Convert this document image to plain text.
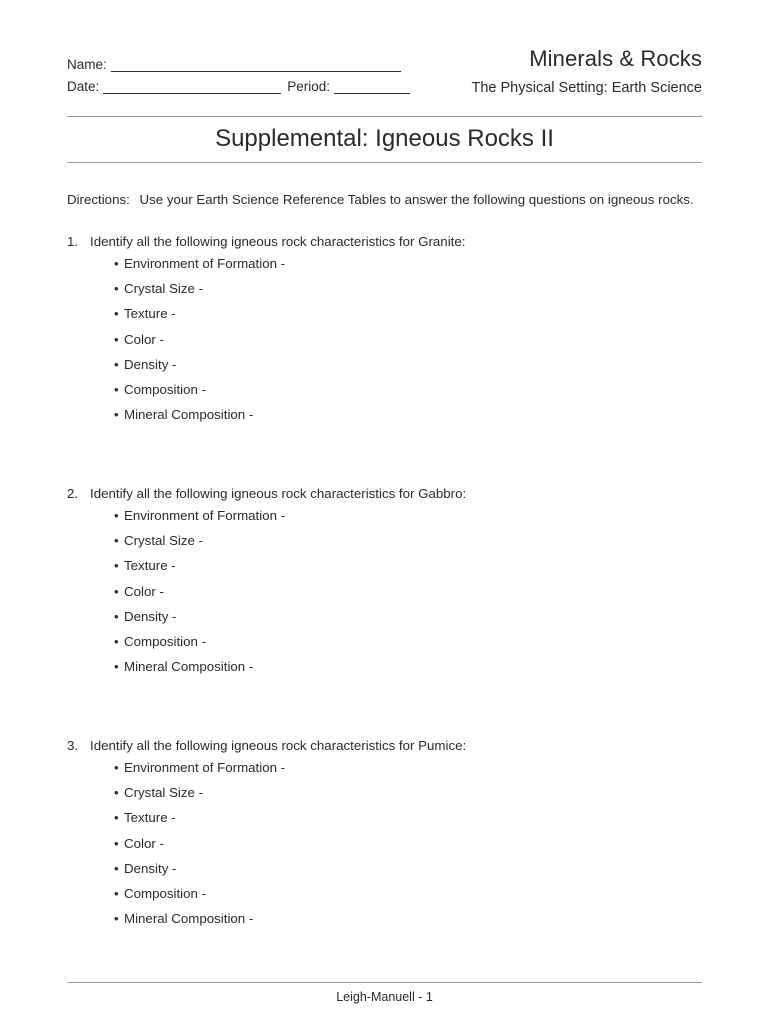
Name:
Date:	Period:
Minerals & Rocks
The Physical Setting: Earth Science
Supplemental: Igneous Rocks II
Directions: Use your Earth Science Reference Tables to answer the following questions on igneous rocks.
1. Identify all the following igneous rock characteristics for Granite:
• Environment of Formation -
• Crystal Size -
• Texture -
• Color -
• Density -
• Composition -
• Mineral Composition -
2. Identify all the following igneous rock characteristics for Gabbro:
• Environment of Formation -
• Crystal Size -
• Texture -
• Color -
• Density -
• Composition -
• Mineral Composition -
3. Identify all the following igneous rock characteristics for Pumice:
• Environment of Formation -
• Crystal Size -
• Texture -
• Color -
• Density -
• Composition -
• Mineral Composition -
Leigh-Manuell - 1
